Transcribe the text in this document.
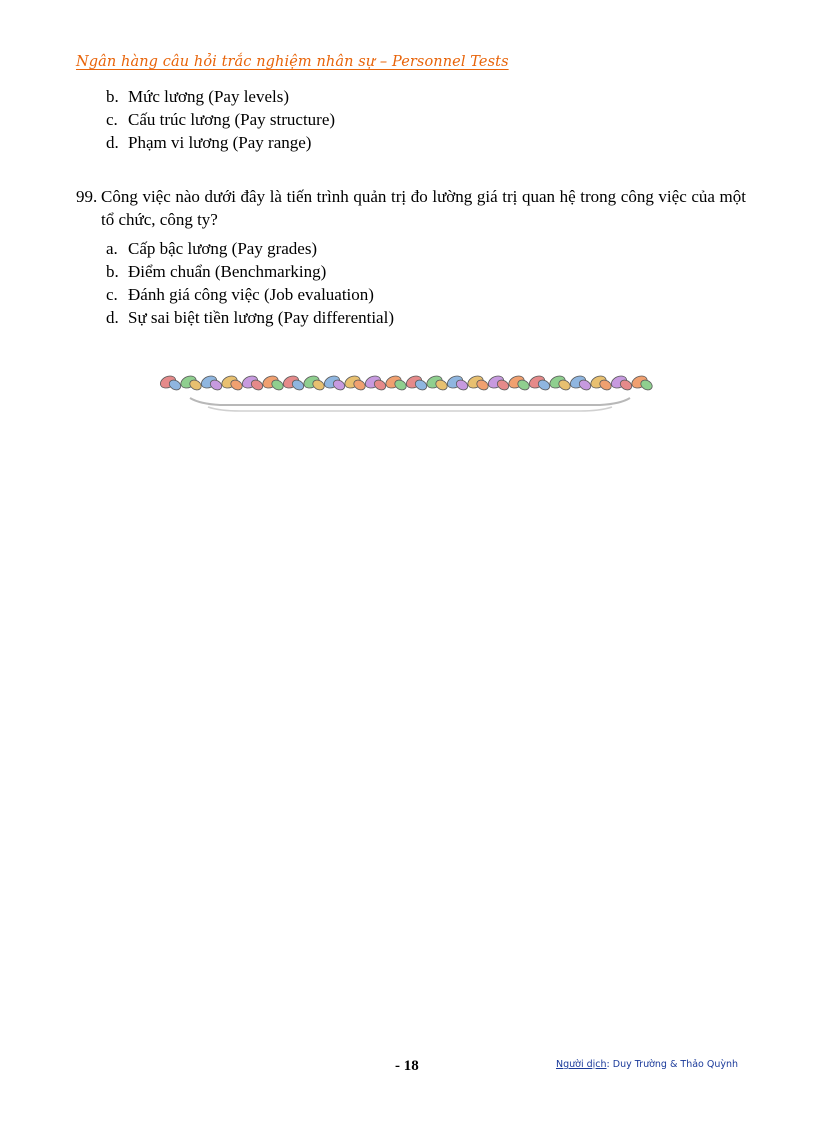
Ngân hàng câu hỏi trắc nghiệm nhân sự – Personnel Tests
b. Mức lương (Pay levels)
c. Cấu trúc lương (Pay structure)
d. Phạm vi lương (Pay range)
99. Công việc nào dưới đây là tiến trình quản trị đo lường giá trị quan hệ trong công việc của một tổ chức, công ty?
a. Cấp bậc lương (Pay grades)
b. Điểm chuẩn (Benchmarking)
c. Đánh giá công việc (Job evaluation)
d. Sự sai biệt tiền lương (Pay differential)
- 18	Người dịch: Duy Trường & Thảo Quỳnh
